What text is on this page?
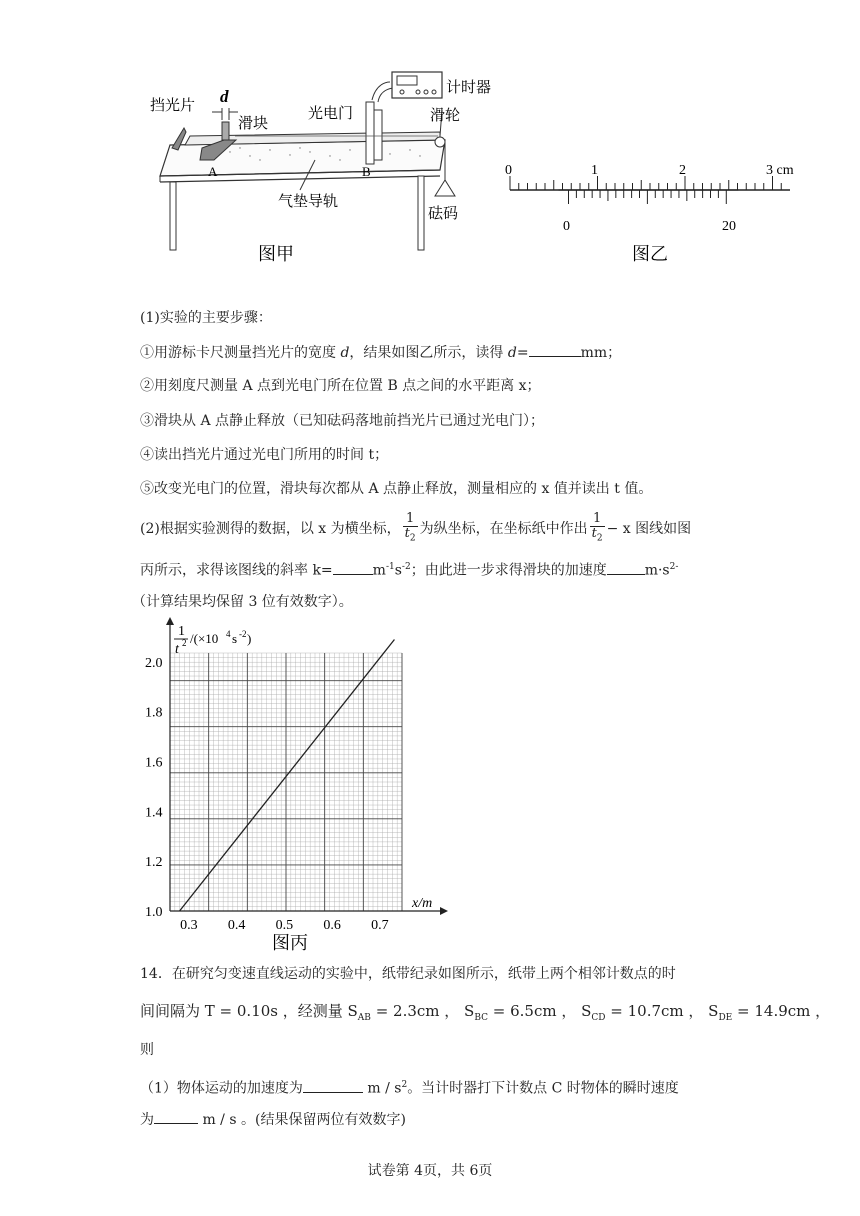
挡光片 d
滑块
光电门
计时器
滑轮
A	B
气垫导轨
砝码
图甲
0	1	2	3 cm
0	20
图乙
(1)实验的主要步骤：
①用游标卡尺测量挡光片的宽度 d，结果如图乙所示，读得 d=	mm；
②用刻度尺测量 A 点到光电门所在位置 B 点之间的水平距离 x；
③滑块从 A 点静止释放（已知砝码落地前挡光片已通过光电门）；
④读出挡光片通过光电门所用的时间 t；
⑤改变光电门的位置，滑块每次都从 A 点静止释放，测量相应的 x 值并读出 t 值。
(2)根据实验测得的数据，以 x 为横坐标， $\frac{1}{t_2}$ 为纵坐标，在坐标纸中作出 $\frac{1}{t_2} - x$ 图线如图
丙所示，求得该图线的斜率 k=	$m^{-1}s^{-2}$；由此进一步求得滑块的加速度	$m\cdot s^{2-}$
（计算结果均保留 3 位有效数字）。
0.3 0.4 0.5 0.6 0.7
1.0
1.2
1.4
1.6
1.8
2.0
1
t 2 /(×10 4 s -2 )
x/m
图丙
14．在研究匀变速直线运动的实验中，纸带纪录如图所示，纸带上两个相邻计数点的时
间间隔为 T = 0.10s ，经测量 $S_{AB} = 2.3cm$ ， $S_{BC} = 6.5cm$ ， $S_{CD} = 10.7cm$ ， $S_{DE} = 14.9cm$ ，
则
（1）物体运动的加速度为	m / $s^2$。当计时器打下计数点 C 时物体的瞬时速度
为	m / s 。(结果保留两位有效数字)
试卷第 4页，共 6页
